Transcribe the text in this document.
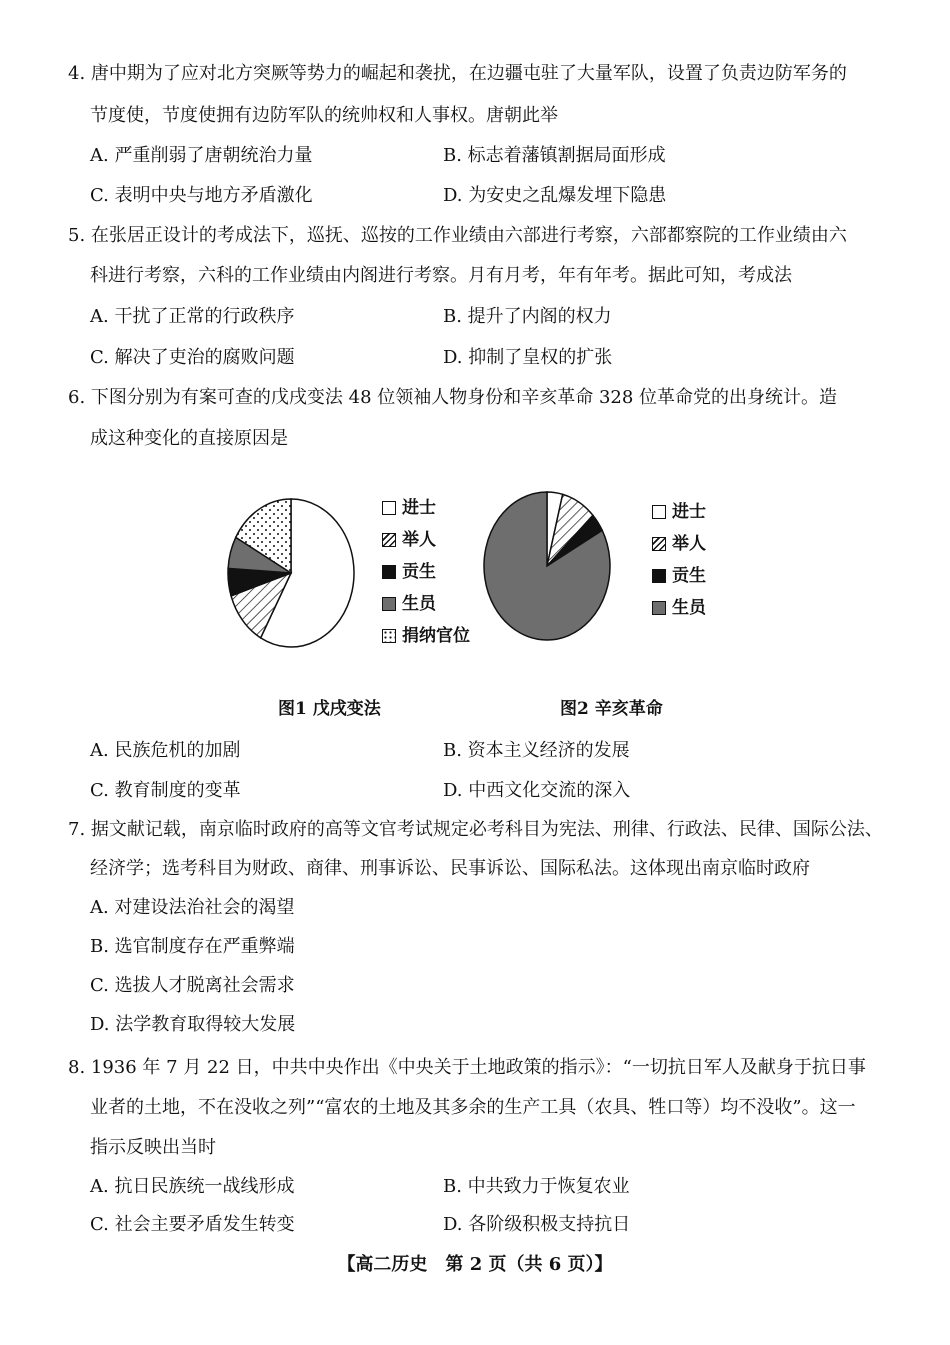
4. 唐中期为了应对北方突厥等势力的崛起和袭扰，在边疆屯驻了大量军队，设置了负责边防军务的
节度使，节度使拥有边防军队的统帅权和人事权。唐朝此举
A. 严重削弱了唐朝统治力量	B. 标志着藩镇割据局面形成
C. 表明中央与地方矛盾激化	D. 为安史之乱爆发埋下隐患
5. 在张居正设计的考成法下，巡抚、巡按的工作业绩由六部进行考察，六部都察院的工作业绩由六
科进行考察，六科的工作业绩由内阁进行考察。月有月考，年有年考。据此可知，考成法
A. 干扰了正常的行政秩序	B. 提升了内阁的权力
C. 解决了吏治的腐败问题	D. 抑制了皇权的扩张
6. 下图分别为有案可查的戊戌变法 48 位领袖人物身份和辛亥革命 328 位革命党的出身统计。造
成这种变化的直接原因是
进士
举人
贡生
生员
捐纳官位
进士
举人
贡生
生员
图1 戊戌变法	图2 辛亥革命
A. 民族危机的加剧	B. 资本主义经济的发展
C. 教育制度的变革	D. 中西文化交流的深入
7. 据文献记载，南京临时政府的高等文官考试规定必考科目为宪法、刑律、行政法、民律、国际公法、
经济学；选考科目为财政、商律、刑事诉讼、民事诉讼、国际私法。这体现出南京临时政府
A. 对建设法治社会的渴望
B. 选官制度存在严重弊端
C. 选拔人才脱离社会需求
D. 法学教育取得较大发展
8. 1936 年 7 月 22 日，中共中央作出《中央关于土地政策的指示》：“一切抗日军人及献身于抗日事
业者的土地，不在没收之列”“富农的土地及其多余的生产工具（农具、牲口等）均不没收”。这一
指示反映出当时
A. 抗日民族统一战线形成	B. 中共致力于恢复农业
C. 社会主要矛盾发生转变	D. 各阶级积极支持抗日
【高二历史　第 2 页（共 6 页）】
